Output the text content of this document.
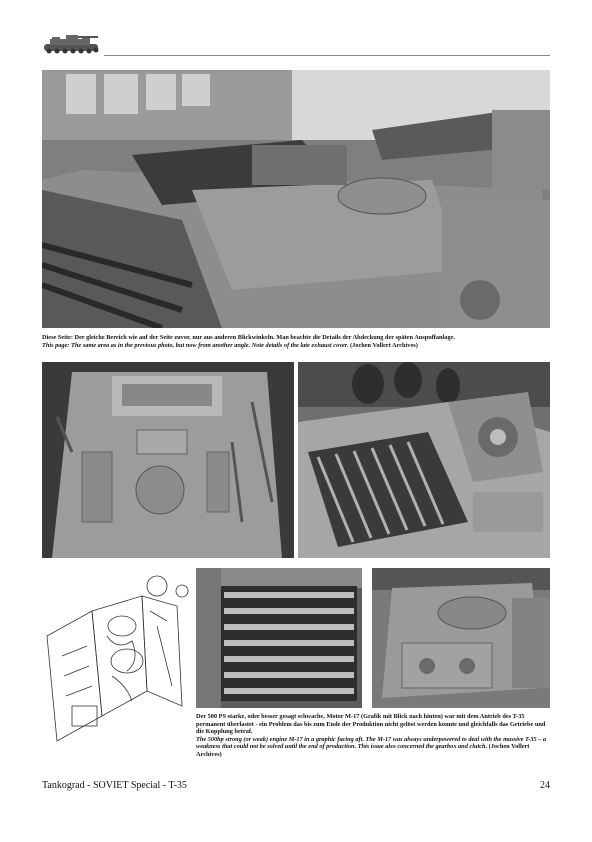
Diese Seite: Der gleiche Bereich wie auf der Seite zuvor, nur aus anderen Blickwinkeln. Man beachte die Details der Abdeckung der späten Auspuffanlage.
This page: The same area as in the previous photo, but now from another angle. Note details of the late exhaust cover. (Jochen Vollert Archives)
Der 500 PS starke, oder besser gesagt schwache, Motor M-17 (Grafik mit Blick nach hinten) war mit dem Antrieb des T-35 permanent überlastet - ein Problem das bis zum Ende der Produktion nicht gelöst werden konnte und gleichfalls das Getriebe und die Kupplung betraf.
The 500hp strong (or weak) engine M-17 in a graphic facing aft. The M-17 was always underpowered to deal with the massive T-35 – a weakness that could not be solved until the end of production. This issue also concerned the gearbox and clutch. (Jochen Vollert Archives)
Tankograd - SOVIET Special - T-35	24
